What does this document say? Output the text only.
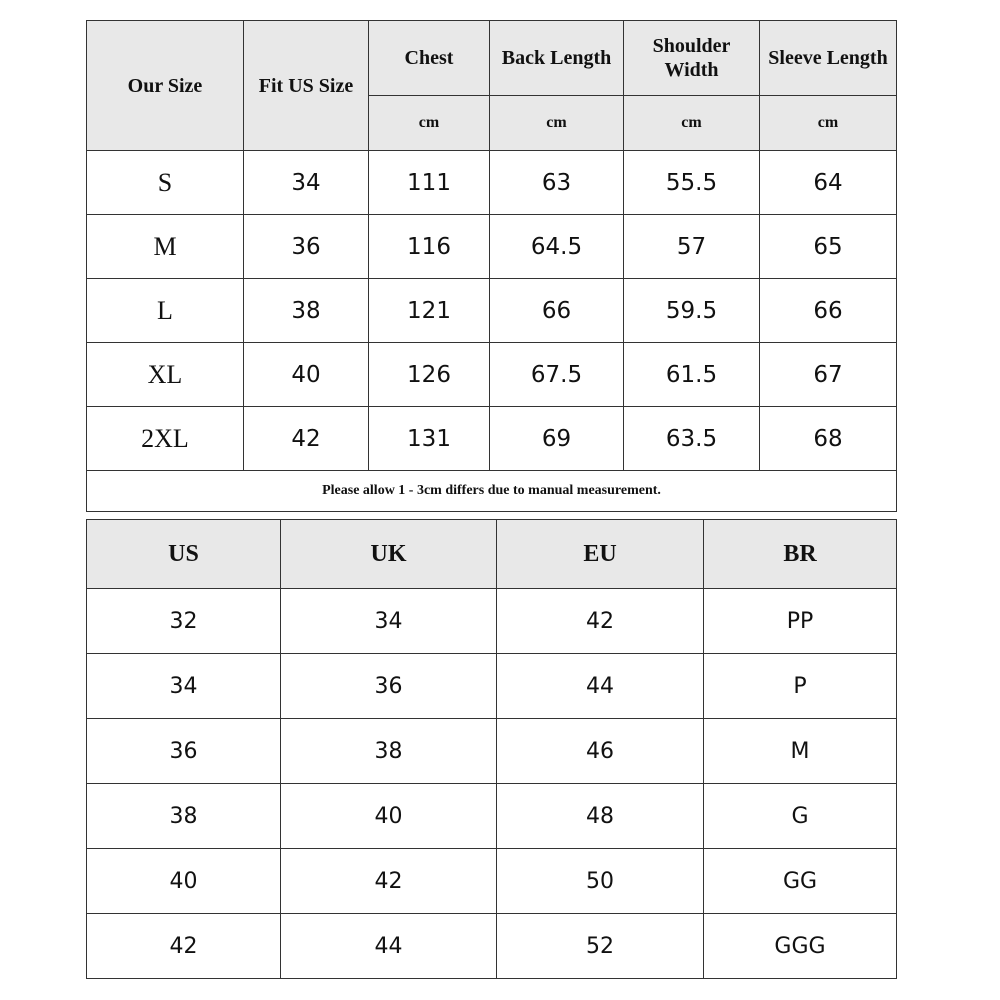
Our Size	Fit US Size	Chest	Back Length	Shoulder Width	Sleeve Length
		cm	cm	cm	cm
S	34	111	63	55.5	64
M	36	116	64.5	57	65
L	38	121	66	59.5	66
XL	40	126	67.5	61.5	67
2XL	42	131	69	63.5	68
Please allow 1 - 3cm differs due to manual measurement.					
US	UK	EU	BR
32	34	42	PP
34	36	44	P
36	38	46	M
38	40	48	G
40	42	50	GG
42	44	52	GGG
